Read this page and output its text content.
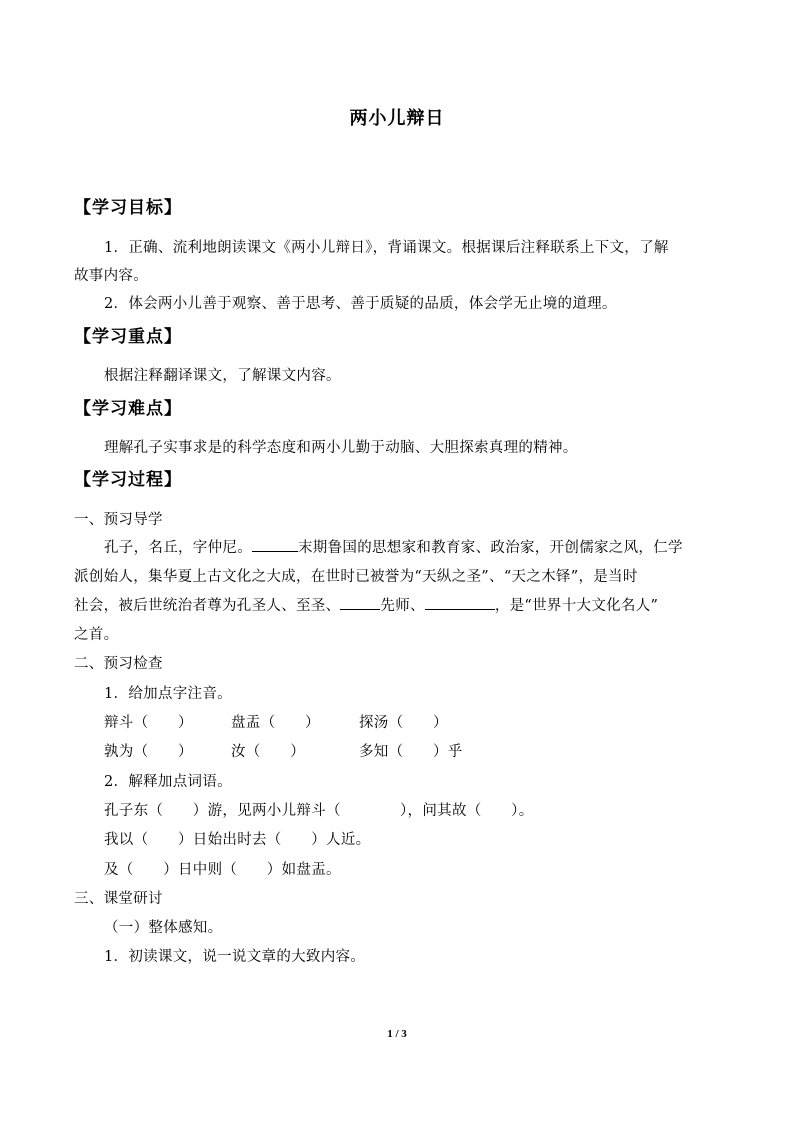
两小儿辩日
【学习目标】
1．正确、流利地朗读课文《两小儿辩日》，背诵课文。根据课后注释联系上下文，了解
故事内容。
2．体会两小儿善于观察、善于思考、善于质疑的品质，体会学无止境的道理。
【学习重点】
根据注释翻译课文，了解课文内容。
【学习难点】
理解孔子实事求是的科学态度和两小儿勤于动脑、大胆探索真理的精神。
【学习过程】
一、预习导学
孔子，名丘，字仲尼。	末期鲁国的思想家和教育家、政治家，开创儒家之风，仁学
派创始人，集华夏上古文化之大成，在世时已被誉为“天纵之圣”、“天之木铎”，是当时
社会，被后世统治者尊为孔圣人、至圣、	先师、	，是“世界十大文化名人”
之首。
二、预习检查
1．给加点字注音。
辩斗（　　）	盘盂（　　）	探汤（　　）
孰为（　　）	汝（　　）	多知（　　）乎
2．解释加点词语。
孔子东（　　）游，见两小儿辩斗（　　　　），问其故（　　）。
我以（　　）日始出时去（　　）人近。
及（　　）日中则（　　）如盘盂。
三、课堂研讨
（一）整体感知。
1．初读课文，说一说文章的大致内容。
1 / 3
